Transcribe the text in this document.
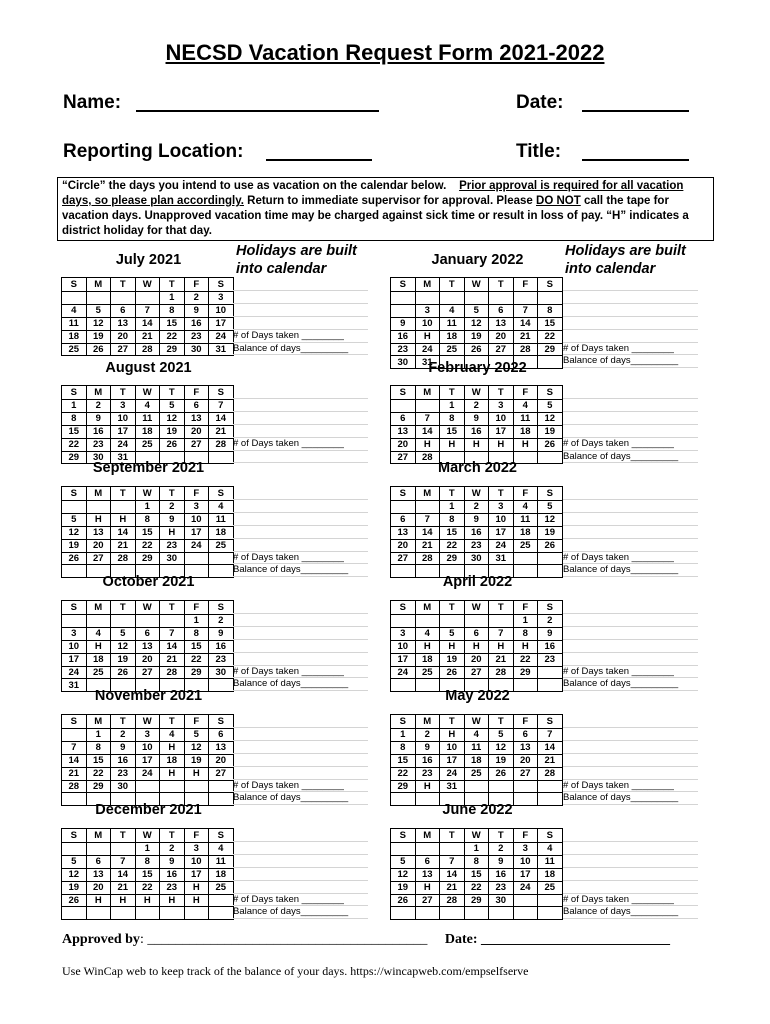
NECSD Vacation Request Form 2021-2022
Name:	Date:
Reporting Location:	Title:
“Circle” the days you intend to use as vacation on the calendar below. Prior approval is required for all vacation days, so please plan accordingly. Return to immediate supervisor for approval. Please DO NOT call the tape for vacation days. Unapproved vacation time may be charged against sick time or result in loss of pay. “H” indicates a district holiday for that day.
Holidays are built
into calendar
Holidays are built
into calendar
July 2021
S	M	T	W	T	F	S
				1	2	3
4	5	6	7	8	9	10
11	12	13	14	15	16	17
18	19	20	21	22	23	24
25	26	27	28	29	30	31
# of Days taken ________
Balance of days_________
August 2021
S	M	T	W	T	F	S
1	2	3	4	5	6	7
8	9	10	11	12	13	14
15	16	17	18	19	20	21
22	23	24	25	26	27	28
29	30	31				
# of Days taken ________
September 2021
S	M	T	W	T	F	S
			1	2	3	4
5	H	H	8	9	10	11
12	13	14	15	H	17	18
19	20	21	22	23	24	25
26	27	28	29	30		
							# of Days taken ________
Balance of days_________
October 2021
S	M	T	W	T	F	S
					1	2
3	4	5	6	7	8	9
10	H	12	13	14	15	16
17	18	19	20	21	22	23
24	25	26	27	28	29	30
31						
# of Days taken ________
Balance of days_________
November 2021
S	M	T	W	T	F	S
	1	2	3	4	5	6
7	8	9	10	H	12	13
14	15	16	17	18	19	20
21	22	23	24	H	H	27
28	29	30				
							# of Days taken ________
Balance of days_________
December 2021
S	M	T	W	T	F	S
			1	2	3	4
5	6	7	8	9	10	11
12	13	14	15	16	17	18
19	20	21	22	23	H	25
26	H	H	H	H	H	
							# of Days taken ________
Balance of days_________
January 2022
S	M	T	W	T	F	S

	3	4	5	6	7	8
9	10	11	12	13	14	15
16	H	18	19	20	21	22
23	24	25	26	27	28	29
30	31					
# of Days taken ________
Balance of days_________
February 2022
S	M	T	W	T	F	S
		1	2	3	4	5
6	7	8	9	10	11	12
13	14	15	16	17	18	19
20	H	H	H	H	H	26
27	28					
# of Days taken ________
Balance of days_________
March 2022
S	M	T	W	T	F	S
		1	2	3	4	5
6	7	8	9	10	11	12
13	14	15	16	17	18	19
20	21	22	23	24	25	26
27	28	29	30	31		
							# of Days taken ________
Balance of days_________
April 2022
S	M	T	W	T	F	S
					1	2
3	4	5	6	7	8	9
10	H	H	H	H	H	16
17	18	19	20	21	22	23
24	25	26	27	28	29	
							# of Days taken ________
Balance of days_________
May 2022
S	M	T	W	T	F	S
1	2	H	4	5	6	7
8	9	10	11	12	13	14
15	16	17	18	19	20	21
22	23	24	25	26	27	28
29	H	31				
							# of Days taken ________
Balance of days_________
June 2022
S	M	T	W	T	F	S
			1	2	3	4
5	6	7	8	9	10	11
12	13	14	15	16	17	18
19	H	21	22	23	24	25
26	27	28	29	30		
							# of Days taken ________
Balance of days_________
Approved by: ________________________________________ Date: ___________________________
Use WinCap web to keep track of the balance of your days. https://wincapweb.com/empselfserve
